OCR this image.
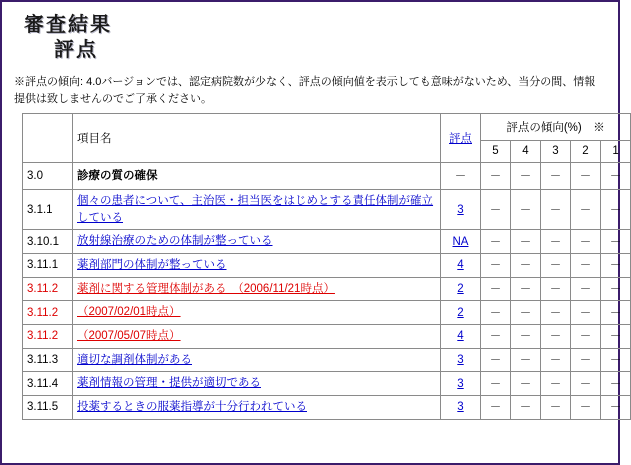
審査結果
評点
※評点の傾向: 4.0バージョンでは、認定病院数が少なく、評点の傾向値を表示しても意味がないため、当分の間、情報提供は致しませんのでご了承ください。
	項目名	評点	評点の傾向(%)　※				
			5	4	3	2	1
3.0	診療の質の確保	－	－	－	－	－	－
3.1.1	個々の患者について、主治医・担当医をはじめとする責任体制が確立している	3	－	－	－	－	－
3.10.1	放射線治療のための体制が整っている	NA	－	－	－	－	－
3.11.1	薬剤部門の体制が整っている	4	－	－	－	－	－
3.11.2	薬剤に関する管理体制がある　（2006/11/21時点）	2	－	－	－	－	－
3.11.2	（2007/02/01時点）	2	－	－	－	－	－
3.11.2	（2007/05/07時点）	4	－	－	－	－	－
3.11.3	適切な調剤体制がある	3	－	－	－	－	－
3.11.4	薬剤情報の管理・提供が適切である	3	－	－	－	－	－
3.11.5	投薬するときの服薬指導が十分行われている	3	－	－	－	－	－
